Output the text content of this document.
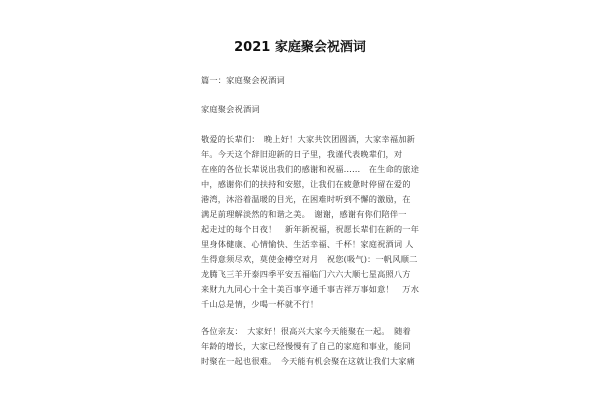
2021 家庭聚会祝酒词

篇一：家庭聚会祝酒词

家庭聚会祝酒词

敬爱的长辈们：　晚上好！大家共饮团圆酒，大家幸福加新

年。今天这个辞旧迎新的日子里，我谨代表晚辈们，对

在座的各位长辈说出我们的感谢和祝福……　在生命的旅途

中，感谢你们的扶持和安慰，让我们在疲惫时停留在爱的

港湾，沐浴着温暖的目光，在困难时听到不懈的激励，在

满足前理解淡然的和谐之美。　谢谢，感谢有你们陪伴一

起走过的每个日夜！　新年新祝福，祝愿长辈们在新的一年

里身体健康、心情愉快、生活幸福、千杯！家庭祝酒词 人

生得意须尽欢，莫使金樽空对月　祝您(吸气)：一帆风顺二

龙腾飞三羊开泰四季平安五福临门六六大顺七星高照八方

来财九九同心十全十美百事亨通千事吉祥万事如意！　万水

千山总是情，少喝一杯就不行！

各位亲友：　大家好！很高兴大家今天能聚在一起。　随着

年龄的增长，大家已经慢慢有了自己的家庭和事业，能同

时聚在一起也很难。　今天能有机会聚在这就让我们大家痛
